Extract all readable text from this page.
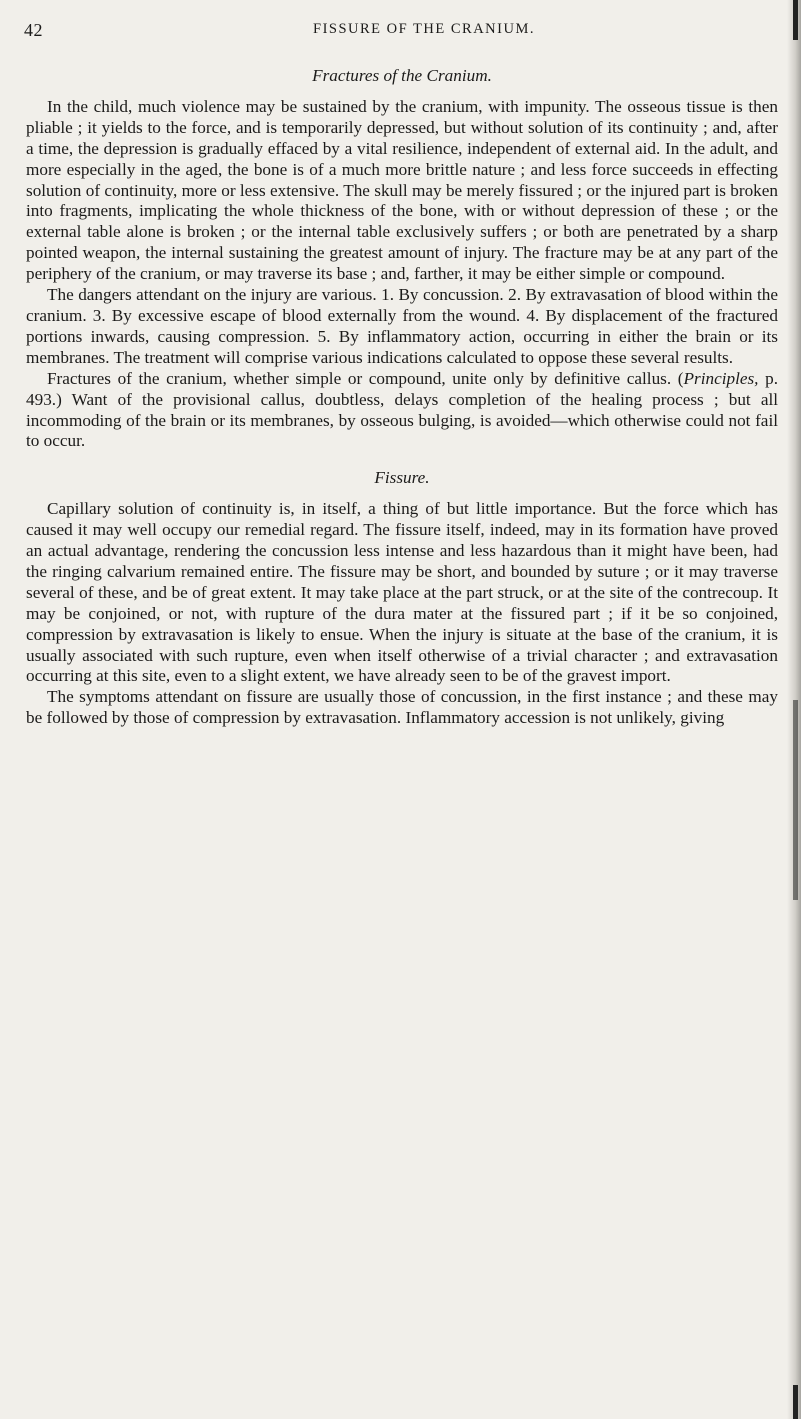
42	FISSURE OF THE CRANIUM.
Fractures of the Cranium.

In the child, much violence may be sustained by the cranium, with impunity. The osseous tissue is then pliable ; it yields to the force, and is temporarily depressed, but without solution of its continuity ; and, after a time, the depression is gradually effaced by a vital resilience, independent of external aid. In the adult, and more especially in the aged, the bone is of a much more brittle nature ; and less force succeeds in effecting solution of continuity, more or less extensive. The skull may be merely fissured ; or the injured part is broken into fragments, implicating the whole thickness of the bone, with or without depression of these ; or the external table alone is broken ; or the internal table exclusively suffers ; or both are penetrated by a sharp pointed weapon, the internal sustaining the greatest amount of injury. The fracture may be at any part of the periphery of the cranium, or may traverse its base ; and, farther, it may be either simple or compound.

The dangers attendant on the injury are various. 1. By concussion. 2. By extravasation of blood within the cranium. 3. By excessive escape of blood externally from the wound. 4. By displacement of the fractured portions inwards, causing compression. 5. By inflammatory action, occurring in either the brain or its membranes. The treatment will comprise various indications calculated to oppose these several results.

Fractures of the cranium, whether simple or compound, unite only by definitive callus. (Principles, p. 493.) Want of the provisional callus, doubtless, delays completion of the healing process ; but all incommoding of the brain or its membranes, by osseous bulging, is avoided—which otherwise could not fail to occur.

Fissure.

Capillary solution of continuity is, in itself, a thing of but little importance. But the force which has caused it may well occupy our remedial regard. The fissure itself, indeed, may in its formation have proved an actual advantage, rendering the concussion less intense and less hazardous than it might have been, had the ringing calvarium remained entire. The fissure may be short, and bounded by suture ; or it may traverse several of these, and be of great extent. It may take place at the part struck, or at the site of the contrecoup. It may be conjoined, or not, with rupture of the dura mater at the fissured part ; if it be so conjoined, compression by extravasation is likely to ensue. When the injury is situate at the base of the cranium, it is usually associated with such rupture, even when itself otherwise of a trivial character ; and extravasation occurring at this site, even to a slight extent, we have already seen to be of the gravest import.

The symptoms attendant on fissure are usually those of concussion, in the first instance ; and these may be followed by those of compression by extravasation. Inflammatory accession is not unlikely, giving
